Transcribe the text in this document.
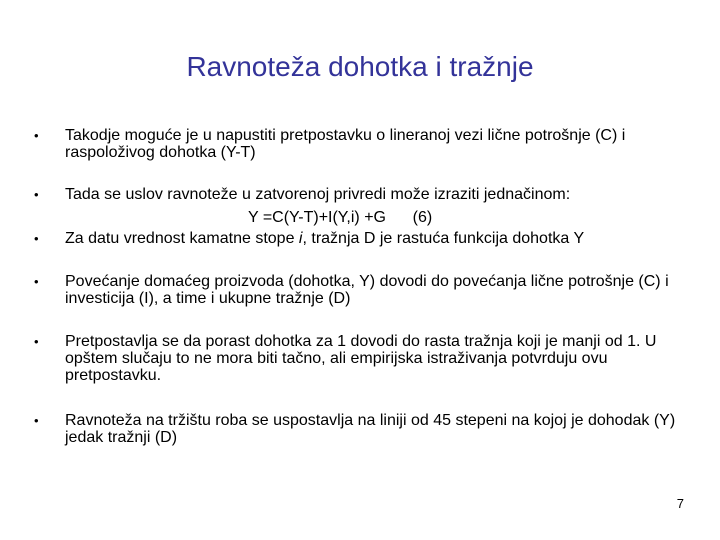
Ravnoteža dohotka i tražnje
•	Takodje moguće je u napustiti pretpostavku o lineranoj vezi lične potrošnje (C) i raspoloživog dohotka (Y-T)

•	Tada se uslov ravnoteže u zatvorenoj privredi može izraziti jednačinom:

Y =C(Y-T)+I(Y,i) +G      (6)
•	Za datu vrednost kamatne stope i, tražnja D je rastuća funkcija dohotka Y

•	Povećanje domaćeg proizvoda (dohotka, Y) dovodi do povećanja lične potrošnje (C) i investicija (I), a time i ukupne tražnje (D)

•	Pretpostavlja se da porast dohotka za 1 dovodi do rasta tražnja koji je manji od 1. U opštem slučaju to ne mora biti tačno, ali empirijska istraživanja potvrduju ovu pretpostavku.

•	Ravnoteža na tržištu roba se uspostavlja na liniji od 45 stepeni na kojoj je dohodak (Y) jedak tražnji (D)

7
